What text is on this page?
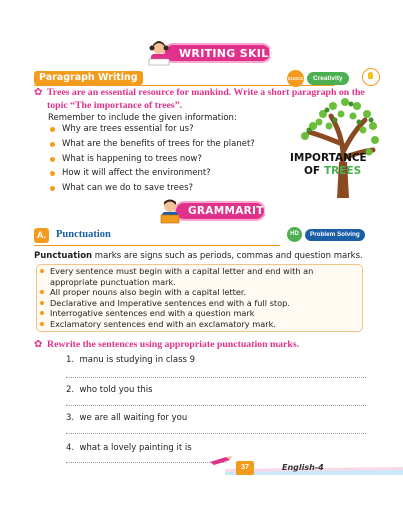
WRITING SKILLS
Paragraph Writing	21stCS	Creativity
✿ Trees are an essential resource for mankind. Write a short paragraph on the
topic “The importance of trees”.
Remember to include the given information:
Why are trees essential for us?
What are the benefits of trees for the planet?
What is happening to trees now?
How it will affect the environment?
What can we do to save trees?
IMPORTANCE
OF TREES
GRAMMARITE
A. Punctuation	HD	Problem Solving
Punctuation marks are signs such as periods, commas and question marks.
Every sentence must begin with a capital letter and end with an appropriate punctuation mark.
All proper nouns also begin with a capital letter.
Declarative and Imperative sentences end with a full stop.
Interrogative sentences end with a question mark
Exclamatory sentences end with an exclamatory mark.
✿ Rewrite the sentences using appropriate punctuation marks.
1. manu is studying in class 9
2. who told you this
3. we are all waiting for you
4. what a lovely painting it is
37	English-4
